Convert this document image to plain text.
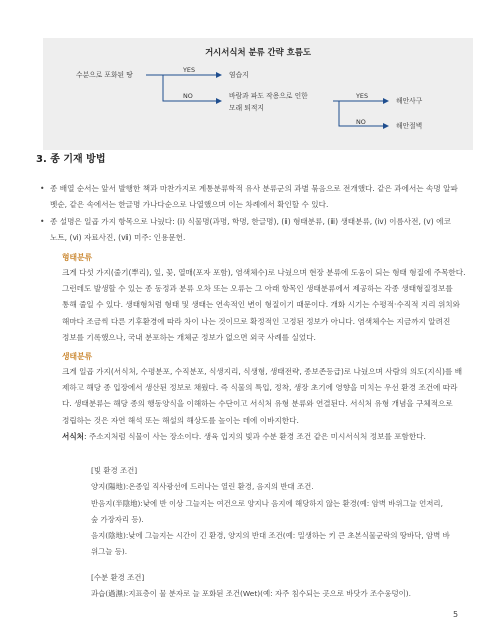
거시서식처 분류 간략 흐름도
수분으로 포화된 땅
YES
염습지
NO	바람과 파도 작용으로 인한
모래 퇴적지
YES
해안사구
NO	해안절벽
3. 종 기재 방법
• 종 배열 순서는 앞서 발행한 책과 마찬가지로 계통분류학적 유사 분류군의 과별 묶음으로 전개했다. 같은 과에서는 속명 알파
벳순, 같은 속에서는 한글명 가나다순으로 나열했으며 이는 차례에서 확인할 수 있다.
• 종 설명은 일곱 가지 항목으로 나눴다: (ⅰ) 식물명(과명, 학명, 한글명), (ⅱ) 형태분류, (ⅲ) 생태분류, (ⅳ) 이름사전, (ⅴ) 에코
노트, (ⅵ) 자료사진, (ⅶ) 미주: 인용문헌.
형태분류
크게 다섯 가지(줄기(뿌리), 잎, 꽃, 열매(포자 포함), 염색체수)로 나눴으며 현장 분류에 도움이 되는 형태 형질에 주목한다.
그런데도 발생할 수 있는 종 동정과 분류 오차 또는 오류는 그 아래 항목인 생태분류에서 제공하는 각종 생태형질정보를
통해 줄일 수 있다. 생태형처럼 형태 및 생태는 연속적인 변이 형질이기 때문이다. 개화 시기는 수평적·수직적 지리 위치와
해마다 조금씩 다른 기후환경에 따라 차이 나는 것이므로 확정적인 고정된 정보가 아니다. 염색체수는 지금까지 알려진
정보를 기록했으나, 국내 분포하는 개체군 정보가 없으면 외국 사례를 실었다.
생태분류
크게 일곱 가지(서식처, 수평분포, 수직분포, 식생지리, 식생형, 생태전략, 종보존등급)로 나눴으며 사람의 의도(지식)를 배
제하고 해당 종 입장에서 생산된 정보로 채웠다. 즉 식물의 특입, 정착, 생장 초기에 영향을 미치는 우선 환경 조건에 따라
다. 생태분류는 해당 종의 행동양식을 이해하는 수단이고 서식처 유형 분류와 연결된다. 서식처 유형 개념을 구체적으로
정립하는 것은 자연 해석 또는 해설의 해상도를 높이는 데에 이바지한다.
서식처: 주소지처럼 식물이 사는 장소이다. 생육 입지의 빛과 수분 환경 조건 같은 미시서식처 정보를 포함한다.
[빛 환경 조건]
양지(陽地):온종일 직사광선에 드러나는 열린 환경, 음지의 반대 조건.
반음지(半陰地):낮에 반 이상 그늘지는 여건으로 양지나 음지에 해당하지 않는 환경(예: 암벽 바위그늘 언저리,
숲 가장자리 등).
음지(陰地):낮에 그늘지는 시간이 긴 환경, 양지의 반대 조건(예: 밀생하는 키 큰 초본식물군락의 땅바닥, 암벽 바
위그늘 등).
[수분 환경 조건]
과습(過濕):지표층이 물 분자로 늘 포화된 조건(Wet)(예: 자주 침수되는 곳으로 바닷가 조수웅덩이).
5
